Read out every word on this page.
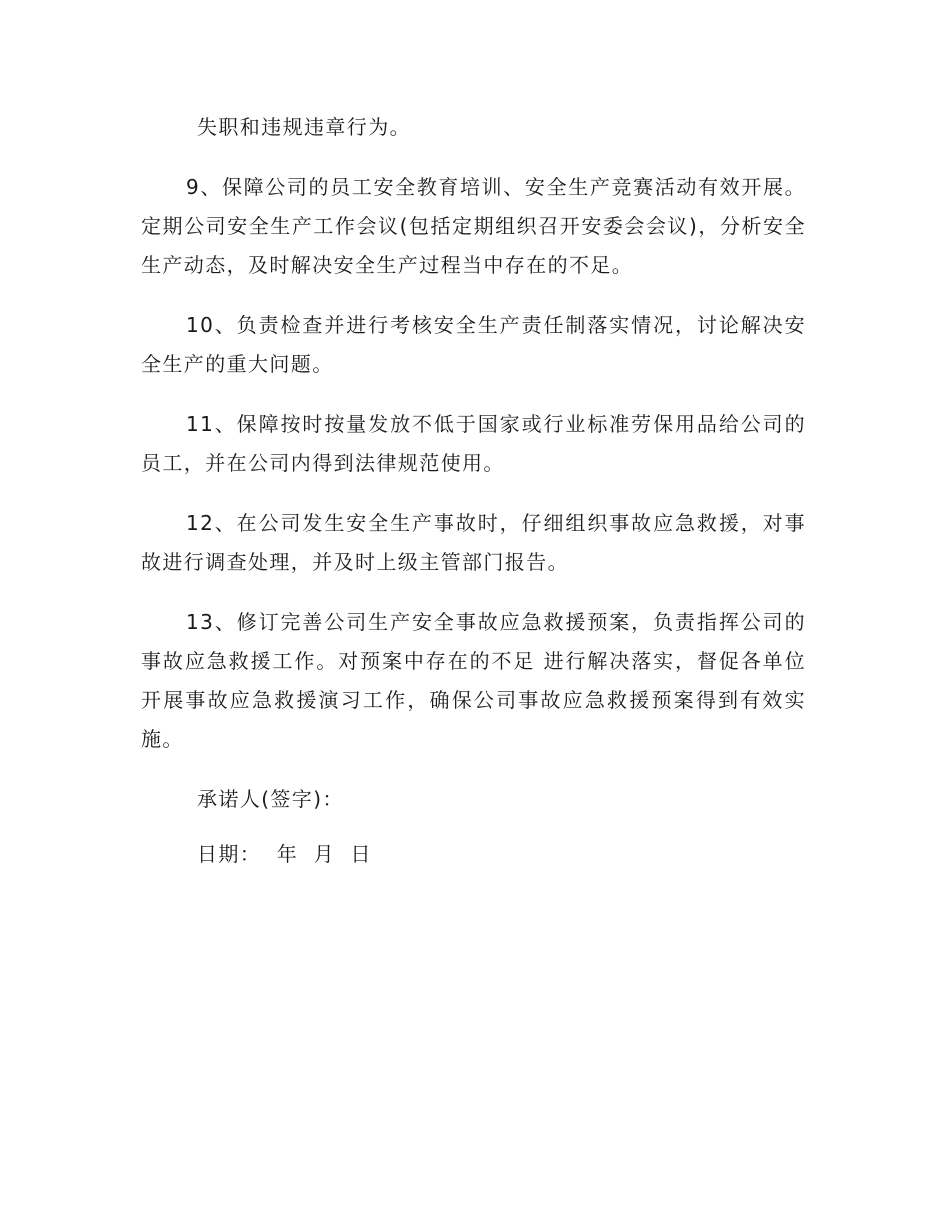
失职和违规违章行为。

9、保障公司的员工安全教育培训、安全生产竞赛活动有效开展。定期公司安全生产工作会议(包括定期组织召开安委会会议)，分析安全生产动态，及时解决安全生产过程当中存在的不足。

10、负责检查并进行考核安全生产责任制落实情况，讨论解决安全生产的重大问题。

11、保障按时按量发放不低于国家或行业标准劳保用品给公司的员工，并在公司内得到法律规范使用。

12、在公司发生安全生产事故时，仔细组织事故应急救援，对事故进行调查处理，并及时上级主管部门报告。

13、修订完善公司生产安全事故应急救援预案，负责指挥公司的事故应急救援工作。对预案中存在的不足 进行解决落实，督促各单位开展事故应急救援演习工作，确保公司事故应急救援预案得到有效实施。

承诺人(签字)：
日期：  年  月  日
